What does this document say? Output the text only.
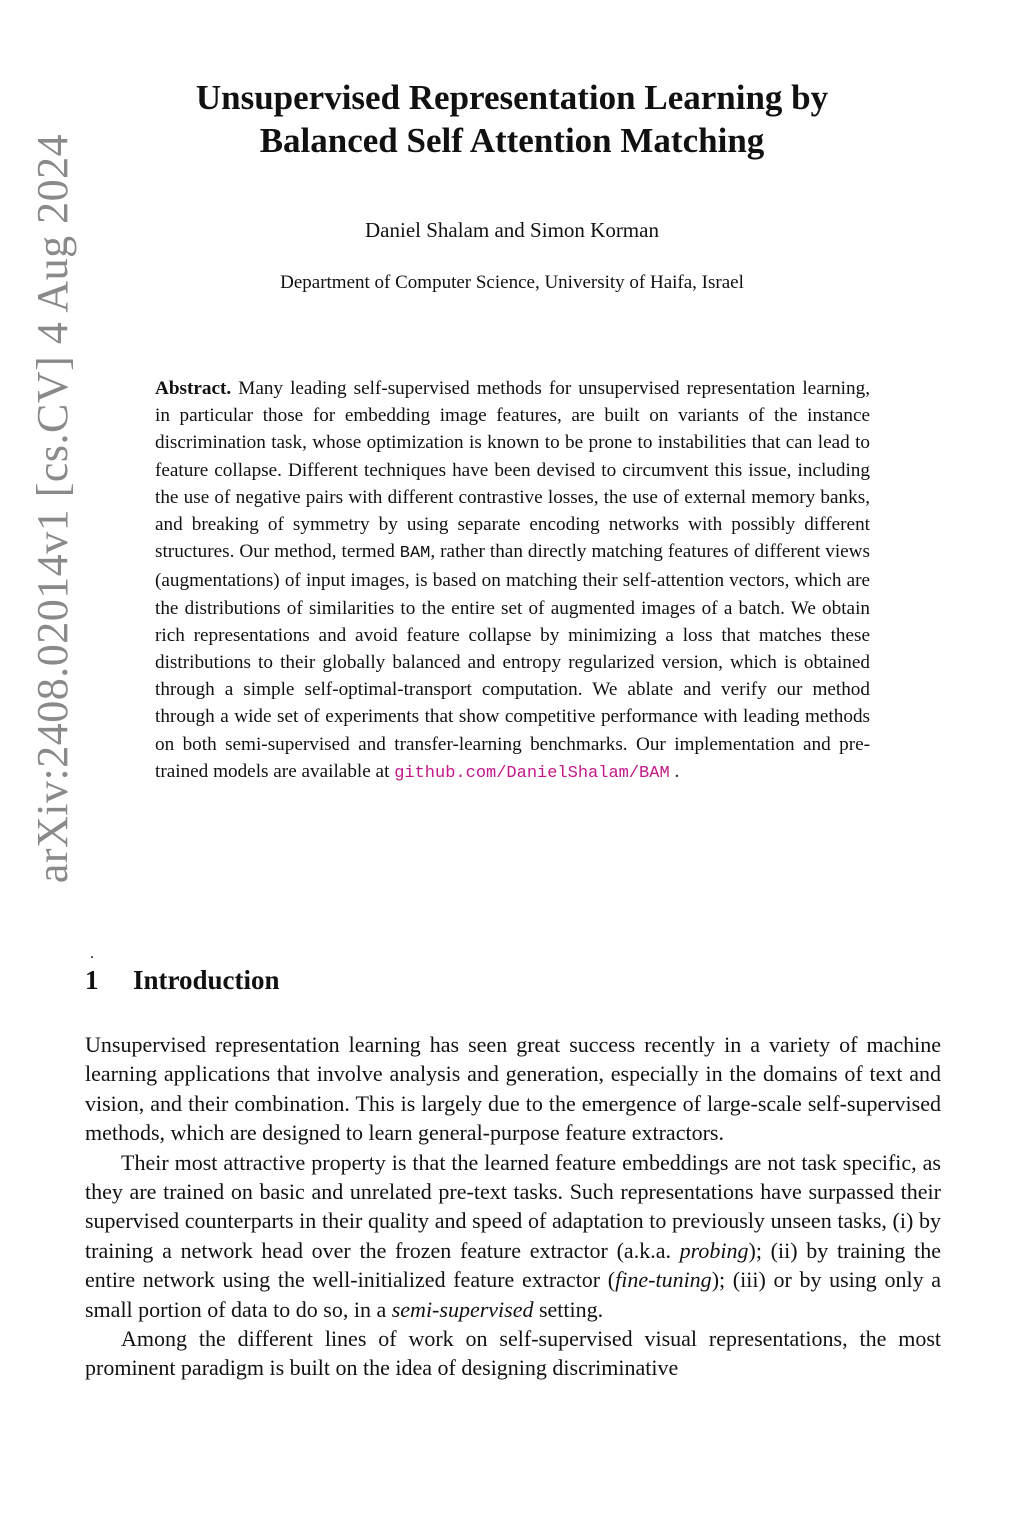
arXiv:2408.02014v1 [cs.CV] 4 Aug 2024
Unsupervised Representation Learning by
Balanced Self Attention Matching
Daniel Shalam and Simon Korman
Department of Computer Science, University of Haifa, Israel

Abstract. Many leading self-supervised methods for unsupervised representation learning, in particular those for embedding image features, are built on variants of the instance discrimination task, whose optimization is known to be prone to instabilities that can lead to feature collapse. Different techniques have been devised to circumvent this issue, including the use of negative pairs with different contrastive losses, the use of external memory banks, and breaking of symmetry by using separate encoding networks with possibly different structures. Our method, termed BAM, rather than directly matching features of different views (augmentations) of input images, is based on matching their self-attention vectors, which are the distributions of similarities to the entire set of augmented images of a batch. We obtain rich representations and avoid feature collapse by minimizing a loss that matches these distributions to their globally balanced and entropy regularized version, which is obtained through a simple self-optimal-transport computation. We ablate and verify our method through a wide set of experiments that show competitive performance with leading methods on both semi-supervised and transfer-learning benchmarks. Our implementation and pre-trained models are available at github.com/DanielShalam/BAM .

.
1 Introduction

Unsupervised representation learning has seen great success recently in a variety of machine learning applications that involve analysis and generation, especially in the domains of text and vision, and their combination. This is largely due to the emergence of large-scale self-supervised methods, which are designed to learn general-purpose feature extractors.

Their most attractive property is that the learned feature embeddings are not task specific, as they are trained on basic and unrelated pre-text tasks. Such representations have surpassed their supervised counterparts in their quality and speed of adaptation to previously unseen tasks, (i) by training a network head over the frozen feature extractor (a.k.a. probing); (ii) by training the entire network using the well-initialized feature extractor (fine-tuning); (iii) or by using only a small portion of data to do so, in a semi-supervised setting.

Among the different lines of work on self-supervised visual representations, the most prominent paradigm is built on the idea of designing discriminative
